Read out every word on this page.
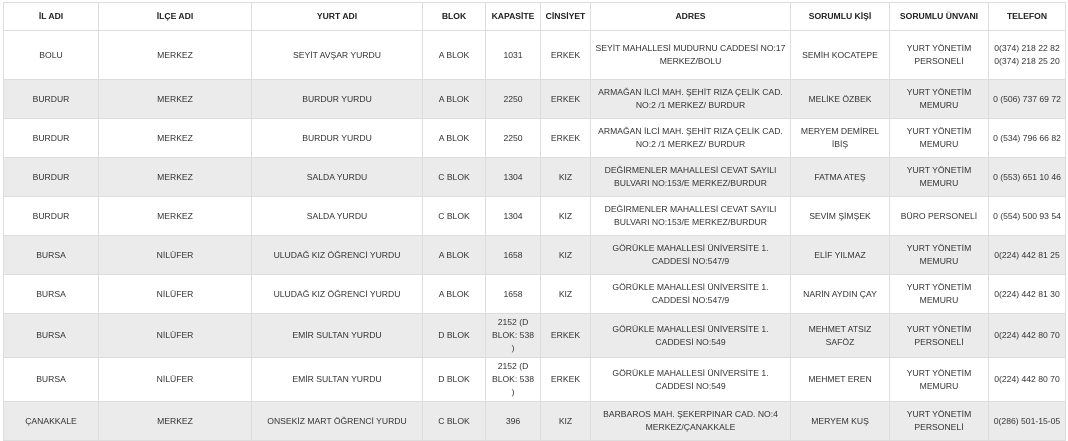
İL ADI	İLÇE ADI	YURT ADI	BLOK	KAPASİTE	CİNSİYET	ADRES	SORUMLU KİŞİ	SORUMLU ÜNVANI	TELEFON
BOLU	MERKEZ	SEYİT AVŞAR YURDU	A BLOK	1031	ERKEK	SEYİT MAHALLESİ MUDURNU CADDESİ NO:17 MERKEZ/BOLU	SEMİH KOCATEPE	YURT YÖNETİM PERSONELİ	0(374) 218 22 82 0(374) 218 25 20
BURDUR	MERKEZ	BURDUR YURDU	A BLOK	2250	ERKEK	ARMAĞAN İLCİ MAH. ŞEHİT RIZA ÇELİK CAD. NO:2 /1 MERKEZ/ BURDUR	MELİKE ÖZBEK	YURT YÖNETİM MEMURU	0 (506) 737 69 72
BURDUR	MERKEZ	BURDUR YURDU	A BLOK	2250	ERKEK	ARMAĞAN İLCİ MAH. ŞEHİT RIZA ÇELİK CAD. NO:2 /1 MERKEZ/ BURDUR	MERYEM DEMİREL İBİŞ	YURT YÖNETİM MEMURU	0 (534) 796 66 82
BURDUR	MERKEZ	SALDA YURDU	C BLOK	1304	KIZ	DEĞİRMENLER MAHALLESİ CEVAT SAYILI BULVARI NO:153/E MERKEZ/BURDUR	FATMA ATEŞ	YURT YÖNETİM MEMURU	0 (553) 651 10 46
BURDUR	MERKEZ	SALDA YURDU	C BLOK	1304	KIZ	DEĞİRMENLER MAHALLESİ CEVAT SAYILI BULVARI NO:153/E MERKEZ/BURDUR	SEVİM ŞİMŞEK	BÜRO PERSONELİ	0 (554) 500 93 54
BURSA	NİLÜFER	ULUDAĞ KIZ ÖĞRENCİ YURDU	A BLOK	1658	KIZ	GÖRÜKLE MAHALLESİ ÜNİVERSİTE 1. CADDESİ NO:547/9	ELİF YILMAZ	YURT YÖNETİM MEMURU	0(224) 442 81 25
BURSA	NİLÜFER	ULUDAĞ KIZ ÖĞRENCİ YURDU	A BLOK	1658	KIZ	GÖRÜKLE MAHALLESİ ÜNİVERSİTE 1. CADDESİ NO:547/9	NARİN AYDIN ÇAY	YURT YÖNETİM MEMURU	0(224) 442 81 30
BURSA	NİLÜFER	EMİR SULTAN YURDU	D BLOK	2152 (D BLOK: 538 )	ERKEK	GÖRÜKLE MAHALLESİ ÜNİVERSİTE 1. CADDESİ NO:549	MEHMET ATSIZ SAFÖZ	YURT YÖNETİM PERSONELİ	0(224) 442 80 70
BURSA	NİLÜFER	EMİR SULTAN YURDU	D BLOK	2152 (D BLOK: 538 )	ERKEK	GÖRÜKLE MAHALLESİ ÜNİVERSİTE 1. CADDESİ NO:549	MEHMET EREN	YURT YÖNETİM MEMURU	0(224) 442 80 70
ÇANAKKALE	MERKEZ	ONSEKİZ MART ÖĞRENCİ YURDU	C BLOK	396	KIZ	BARBAROS MAH. ŞEKERPINAR CAD. NO:4 MERKEZ/ÇANAKKALE	MERYEM KUŞ	YURT YÖNETİM PERSONELİ	0(286) 501-15-05
